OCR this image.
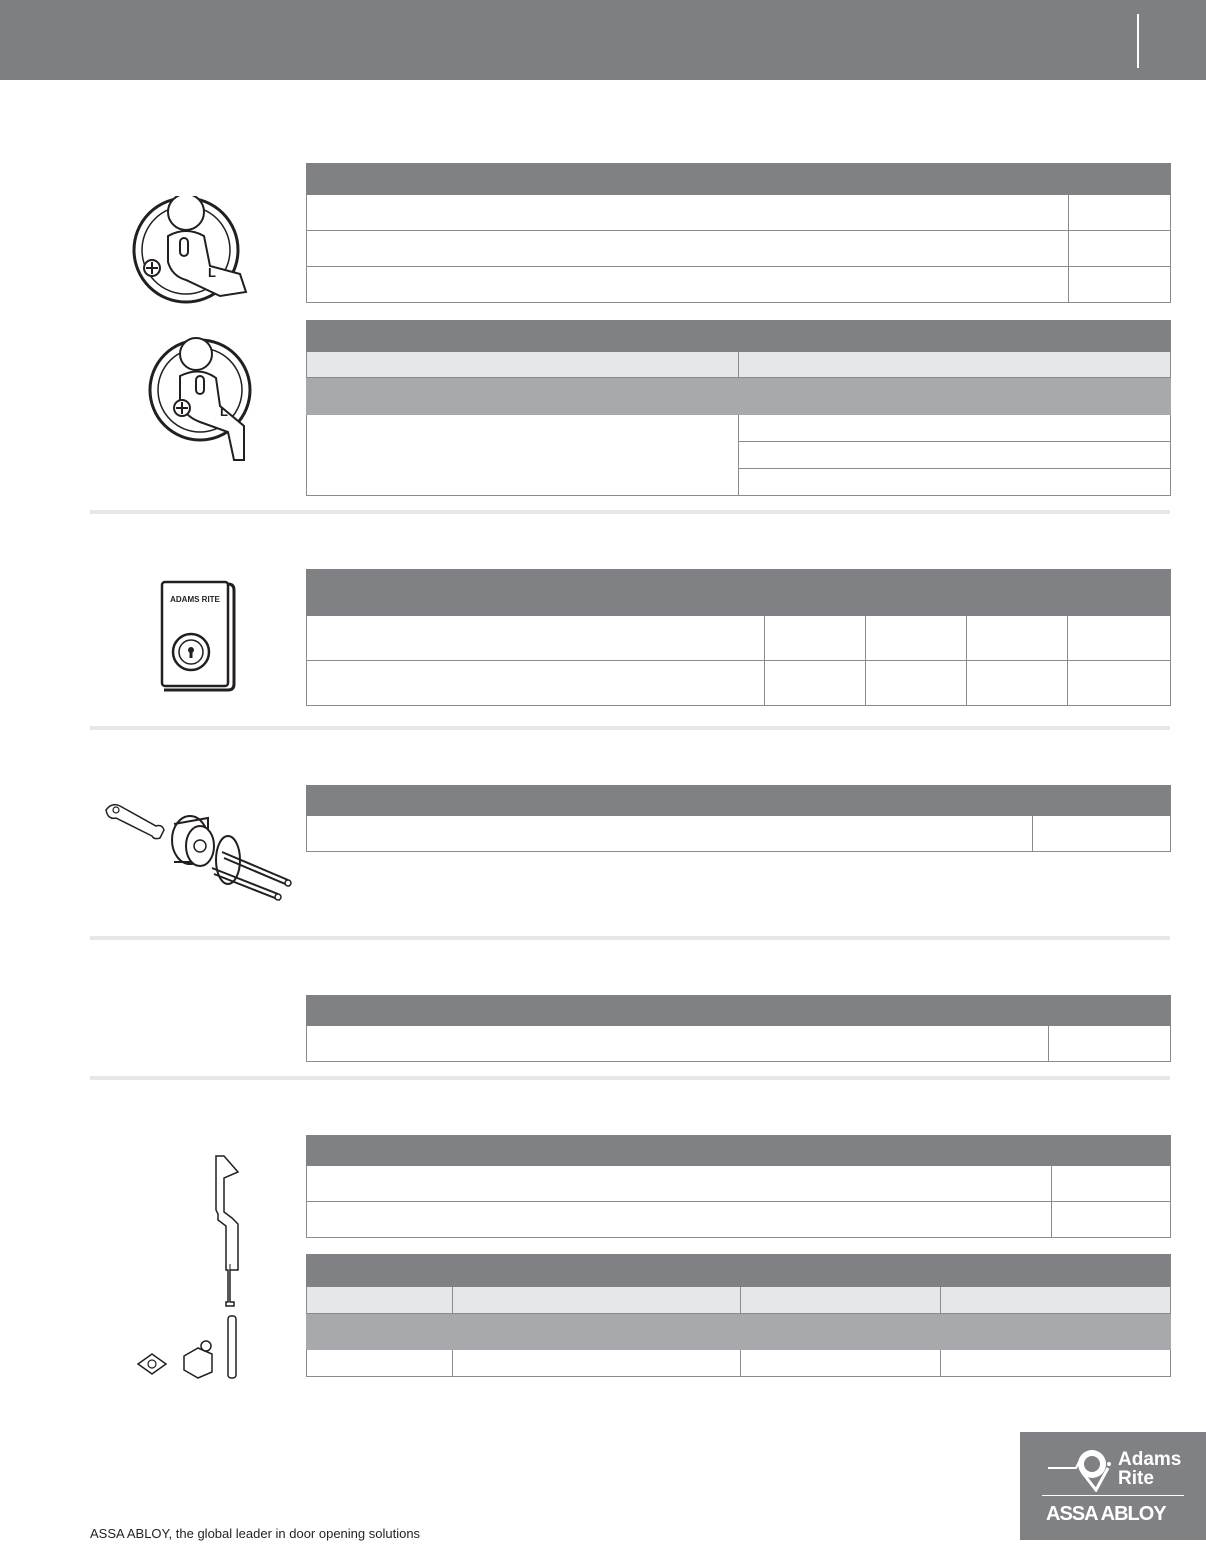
L
L

ADAMS RITE

ASSA ABLOY, the global leader in door opening solutions
Adams
Rite
ASSA ABLOY
